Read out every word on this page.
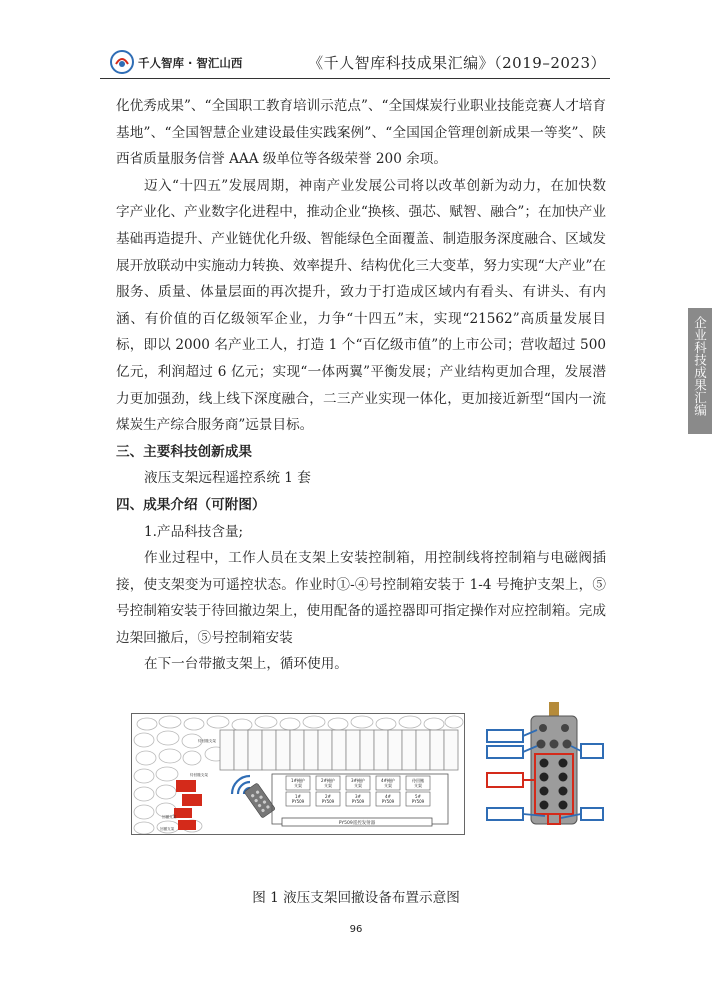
千人智库 · 智汇山西	《千人智库科技成果汇编》（2019–2023）
企业科技成果汇编

化优秀成果”、“全国职工教育培训示范点”、“全国煤炭行业职业技能竞赛人才培育基地”、“全国智慧企业建设最佳实践案例”、“全国国企管理创新成果一等奖”、陕西省质量服务信誉 AAA 级单位等各级荣誉 200 余项。

迈入“十四五”发展周期，神南产业发展公司将以改革创新为动力，在加快数字产业化、产业数字化进程中，推动企业“换核、强芯、赋智、融合”；在加快产业基础再造提升、产业链优化升级、智能绿色全面覆盖、制造服务深度融合、区域发展开放联动中实施动力转换、效率提升、结构优化三大变革，努力实现“大产业”在服务、质量、体量层面的再次提升，致力于打造成区域内有看头、有讲头、有内涵、有价值的百亿级领军企业，力争“十四五”末，实现“21562”高质量发展目标，即以 2000 名产业工人，打造 1 个“百亿级市值”的上市公司；营收超过 500 亿元，利润超过 6 亿元；实现“一体两翼”平衡发展；产业结构更加合理，发展潜力更加强劲，线上线下深度融合，二三产业实现一体化，更加接近新型“国内一流煤炭生产综合服务商”远景目标。

三、主要科技创新成果

液压支架远程遥控系统 1 套

四、成果介绍（可附图）

1.产品科技含量;

作业过程中，工作人员在支架上安装控制箱，用控制线将控制箱与电磁阀插接，使支架变为可遥控状态。作业时①-④号控制箱安装于 1-4 号掩护支架上，⑤号控制箱安装于待回撤边架上，使用配备的遥控器即可指定操作对应控制箱。完成边架回撤后，⑤号控制箱安装

在下一台带撤支架上，循环使用。

PY509遥控发射器
1#掩护
支架
1#
PY509
2#掩护
支架
2#
PY509
3#掩护
支架
3#
PY509
4#掩护
支架
4#
PY509
待回撤
支架
5#
PY509
待回撤支架
待回撤支架
回撤支架
回撤支架
图 1 液压支架回撤设备布置示意图
96
